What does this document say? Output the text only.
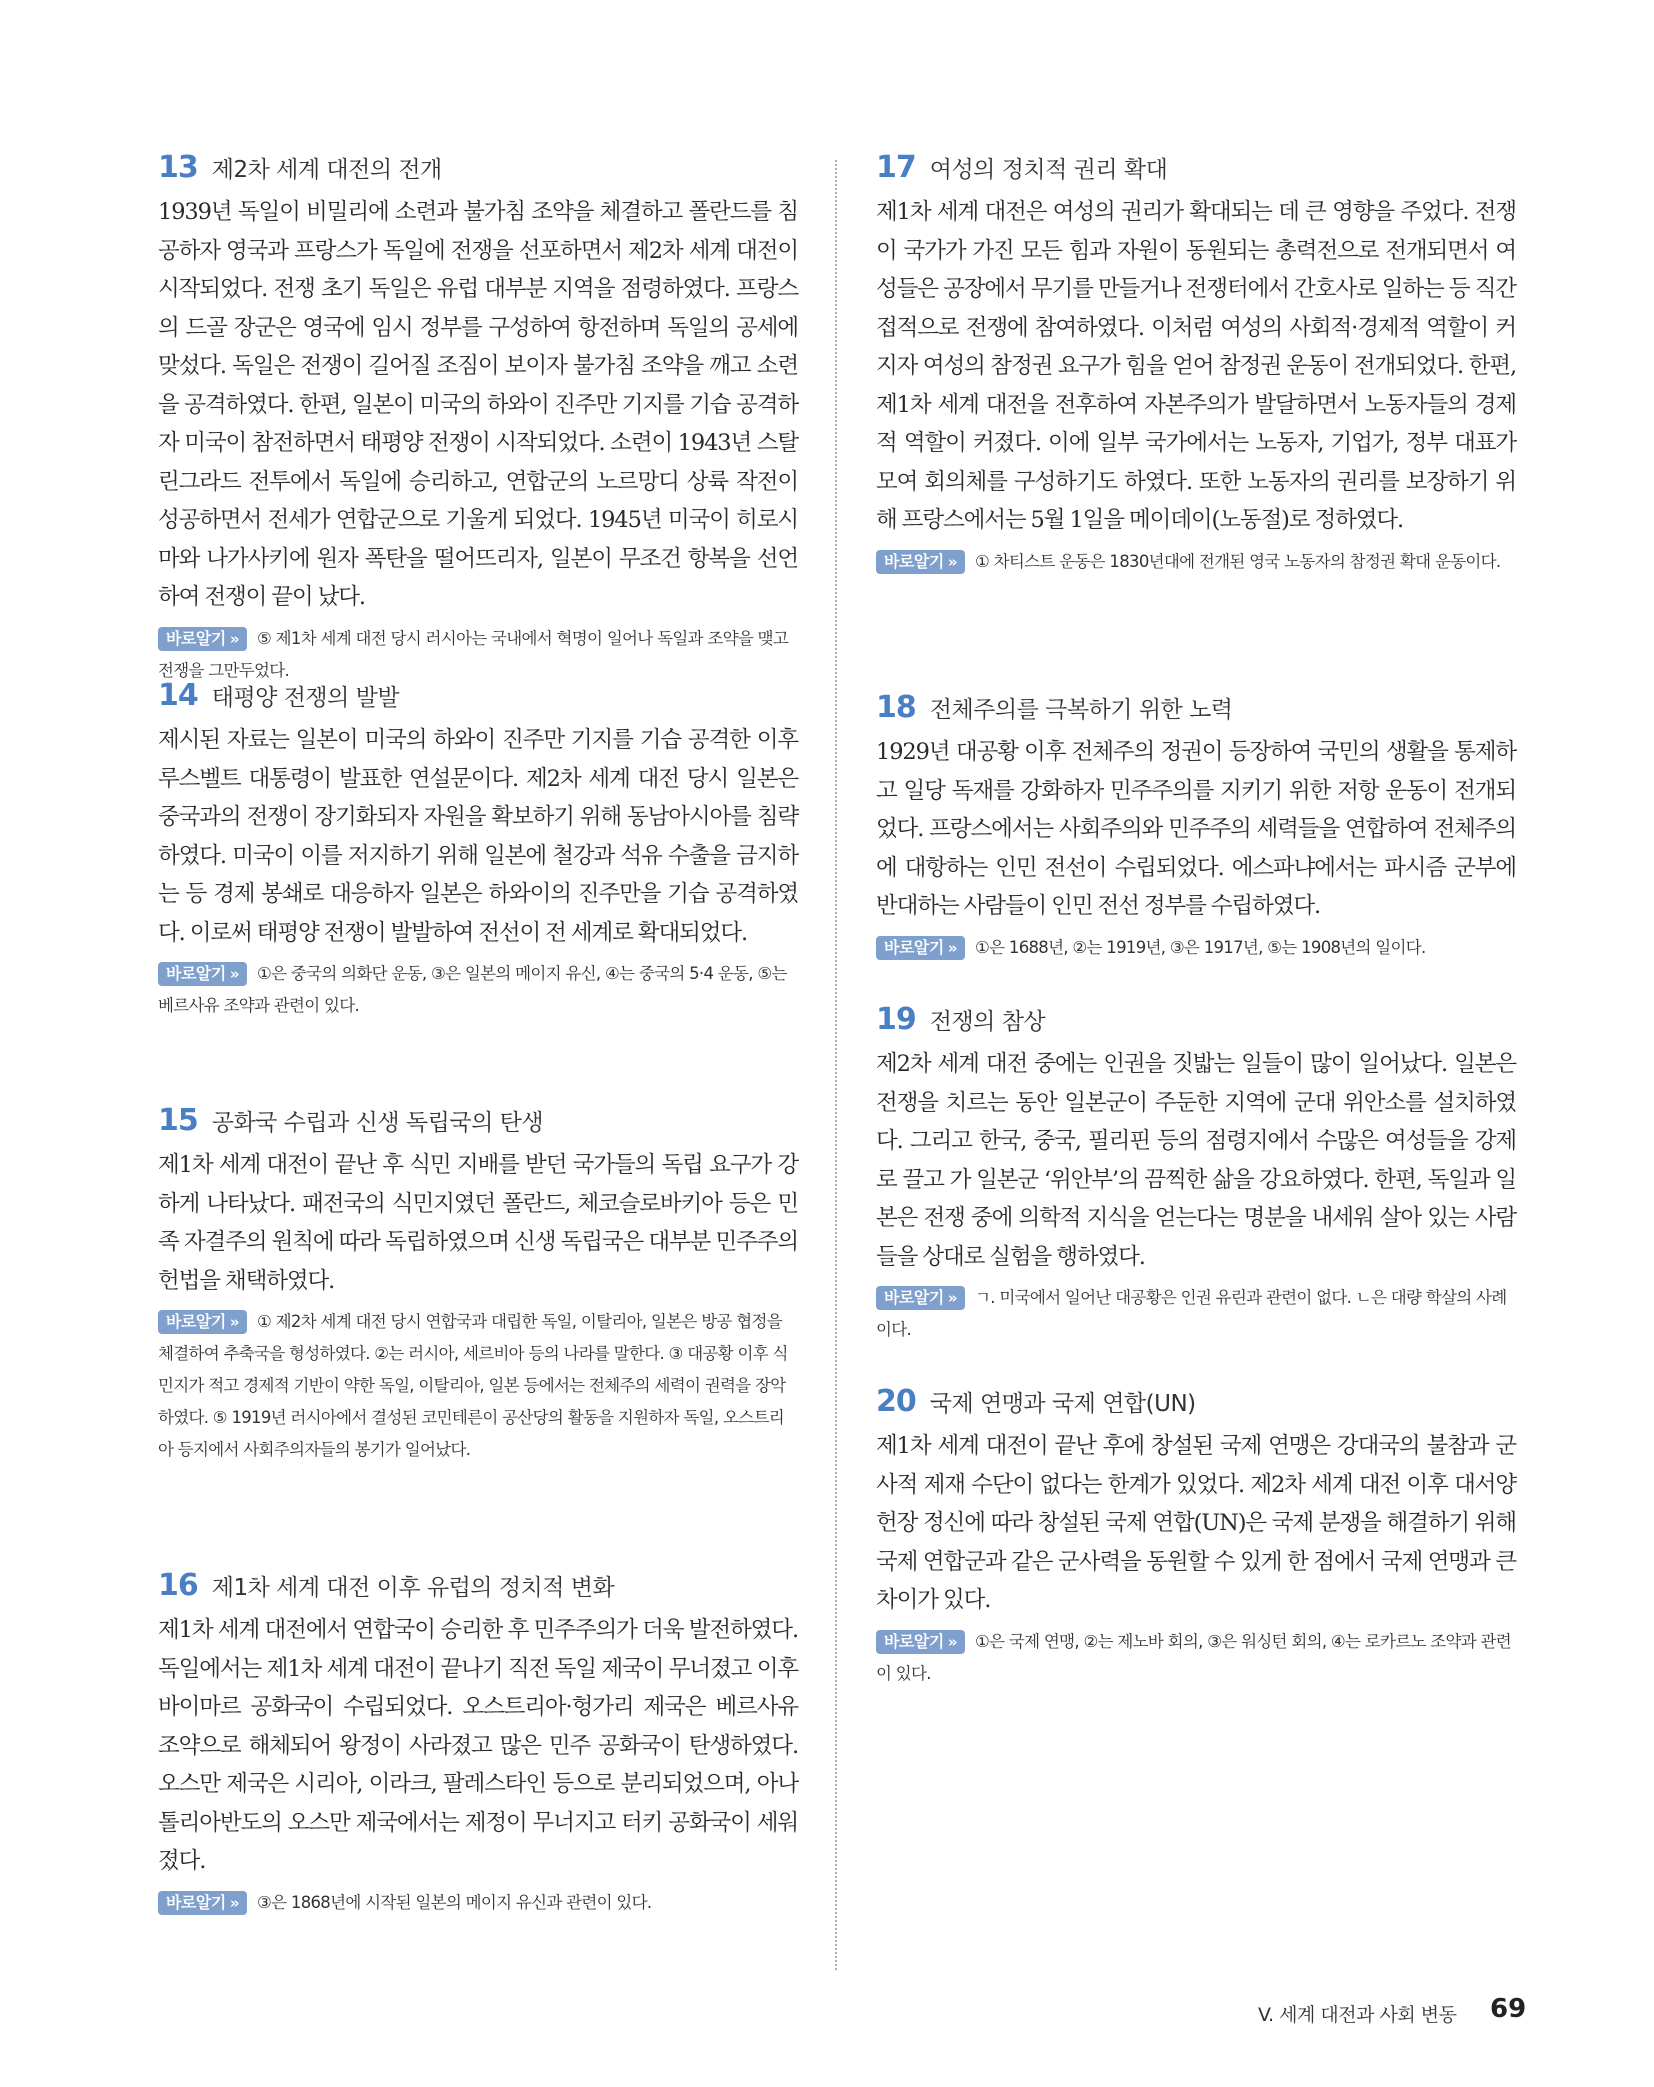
13 제2차 세계 대전의 전개

1939년 독일이 비밀리에 소련과 불가침 조약을 체결하고 폴란드를 침공하자 영국과 프랑스가 독일에 전쟁을 선포하면서 제2차 세계 대전이 시작되었다. 전쟁 초기 독일은 유럽 대부분 지역을 점령하였다. 프랑스의 드골 장군은 영국에 임시 정부를 구성하여 항전하며 독일의 공세에 맞섰다. 독일은 전쟁이 길어질 조짐이 보이자 불가침 조약을 깨고 소련을 공격하였다. 한편, 일본이 미국의 하와이 진주만 기지를 기습 공격하자 미국이 참전하면서 태평양 전쟁이 시작되었다. 소련이 1943년 스탈린그라드 전투에서 독일에 승리하고, 연합군의 노르망디 상륙 작전이 성공하면서 전세가 연합군으로 기울게 되었다. 1945년 미국이 히로시마와 나가사키에 원자 폭탄을 떨어뜨리자, 일본이 무조건 항복을 선언하여 전쟁이 끝이 났다.

바로알기 » ⑤ 제1차 세계 대전 당시 러시아는 국내에서 혁명이 일어나 독일과 조약을 맺고 전쟁을 그만두었다.
14 태평양 전쟁의 발발

제시된 자료는 일본이 미국의 하와이 진주만 기지를 기습 공격한 이후 루스벨트 대통령이 발표한 연설문이다. 제2차 세계 대전 당시 일본은 중국과의 전쟁이 장기화되자 자원을 확보하기 위해 동남아시아를 침략하였다. 미국이 이를 저지하기 위해 일본에 철강과 석유 수출을 금지하는 등 경제 봉쇄로 대응하자 일본은 하와이의 진주만을 기습 공격하였다. 이로써 태평양 전쟁이 발발하여 전선이 전 세계로 확대되었다.

바로알기 » ①은 중국의 의화단 운동, ③은 일본의 메이지 유신, ④는 중국의 5·4 운동, ⑤는 베르사유 조약과 관련이 있다.
15 공화국 수립과 신생 독립국의 탄생

제1차 세계 대전이 끝난 후 식민 지배를 받던 국가들의 독립 요구가 강하게 나타났다. 패전국의 식민지였던 폴란드, 체코슬로바키아 등은 민족 자결주의 원칙에 따라 독립하였으며 신생 독립국은 대부분 민주주의 헌법을 채택하였다.

바로알기 » ① 제2차 세계 대전 당시 연합국과 대립한 독일, 이탈리아, 일본은 방공 협정을 체결하여 추축국을 형성하였다. ②는 러시아, 세르비아 등의 나라를 말한다. ③ 대공황 이후 식민지가 적고 경제적 기반이 약한 독일, 이탈리아, 일본 등에서는 전체주의 세력이 권력을 장악하였다. ⑤ 1919년 러시아에서 결성된 코민테른이 공산당의 활동을 지원하자 독일, 오스트리아 등지에서 사회주의자들의 봉기가 일어났다.
16 제1차 세계 대전 이후 유럽의 정치적 변화

제1차 세계 대전에서 연합국이 승리한 후 민주주의가 더욱 발전하였다. 독일에서는 제1차 세계 대전이 끝나기 직전 독일 제국이 무너졌고 이후 바이마르 공화국이 수립되었다. 오스트리아·헝가리 제국은 베르사유 조약으로 해체되어 왕정이 사라졌고 많은 민주 공화국이 탄생하였다. 오스만 제국은 시리아, 이라크, 팔레스타인 등으로 분리되었으며, 아나톨리아반도의 오스만 제국에서는 제정이 무너지고 터키 공화국이 세워졌다.

바로알기 » ③은 1868년에 시작된 일본의 메이지 유신과 관련이 있다.
17 여성의 정치적 권리 확대

제1차 세계 대전은 여성의 권리가 확대되는 데 큰 영향을 주었다. 전쟁이 국가가 가진 모든 힘과 자원이 동원되는 총력전으로 전개되면서 여성들은 공장에서 무기를 만들거나 전쟁터에서 간호사로 일하는 등 직간접적으로 전쟁에 참여하였다. 이처럼 여성의 사회적·경제적 역할이 커지자 여성의 참정권 요구가 힘을 얻어 참정권 운동이 전개되었다. 한편, 제1차 세계 대전을 전후하여 자본주의가 발달하면서 노동자들의 경제적 역할이 커졌다. 이에 일부 국가에서는 노동자, 기업가, 정부 대표가 모여 회의체를 구성하기도 하였다. 또한 노동자의 권리를 보장하기 위해 프랑스에서는 5월 1일을 메이데이(노동절)로 정하였다.

바로알기 » ① 차티스트 운동은 1830년대에 전개된 영국 노동자의 참정권 확대 운동이다.
18 전체주의를 극복하기 위한 노력

1929년 대공황 이후 전체주의 정권이 등장하여 국민의 생활을 통제하고 일당 독재를 강화하자 민주주의를 지키기 위한 저항 운동이 전개되었다. 프랑스에서는 사회주의와 민주주의 세력들을 연합하여 전체주의에 대항하는 인민 전선이 수립되었다. 에스파냐에서는 파시즘 군부에 반대하는 사람들이 인민 전선 정부를 수립하였다.

바로알기 » ①은 1688년, ②는 1919년, ③은 1917년, ⑤는 1908년의 일이다.
19 전쟁의 참상

제2차 세계 대전 중에는 인권을 짓밟는 일들이 많이 일어났다. 일본은 전쟁을 치르는 동안 일본군이 주둔한 지역에 군대 위안소를 설치하였다. 그리고 한국, 중국, 필리핀 등의 점령지에서 수많은 여성들을 강제로 끌고 가 일본군 ‘위안부’의 끔찍한 삶을 강요하였다. 한편, 독일과 일본은 전쟁 중에 의학적 지식을 얻는다는 명분을 내세워 살아 있는 사람들을 상대로 실험을 행하였다.

바로알기 » ㄱ. 미국에서 일어난 대공황은 인권 유린과 관련이 없다. ㄴ은 대량 학살의 사례이다.
20 국제 연맹과 국제 연합(UN)

제1차 세계 대전이 끝난 후에 창설된 국제 연맹은 강대국의 불참과 군사적 제재 수단이 없다는 한계가 있었다. 제2차 세계 대전 이후 대서양 헌장 정신에 따라 창설된 국제 연합(UN)은 국제 분쟁을 해결하기 위해 국제 연합군과 같은 군사력을 동원할 수 있게 한 점에서 국제 연맹과 큰 차이가 있다.

바로알기 » ①은 국제 연맹, ②는 제노바 회의, ③은 워싱턴 회의, ④는 로카르노 조약과 관련이 있다.
V. 세계 대전과 사회 변동 69
